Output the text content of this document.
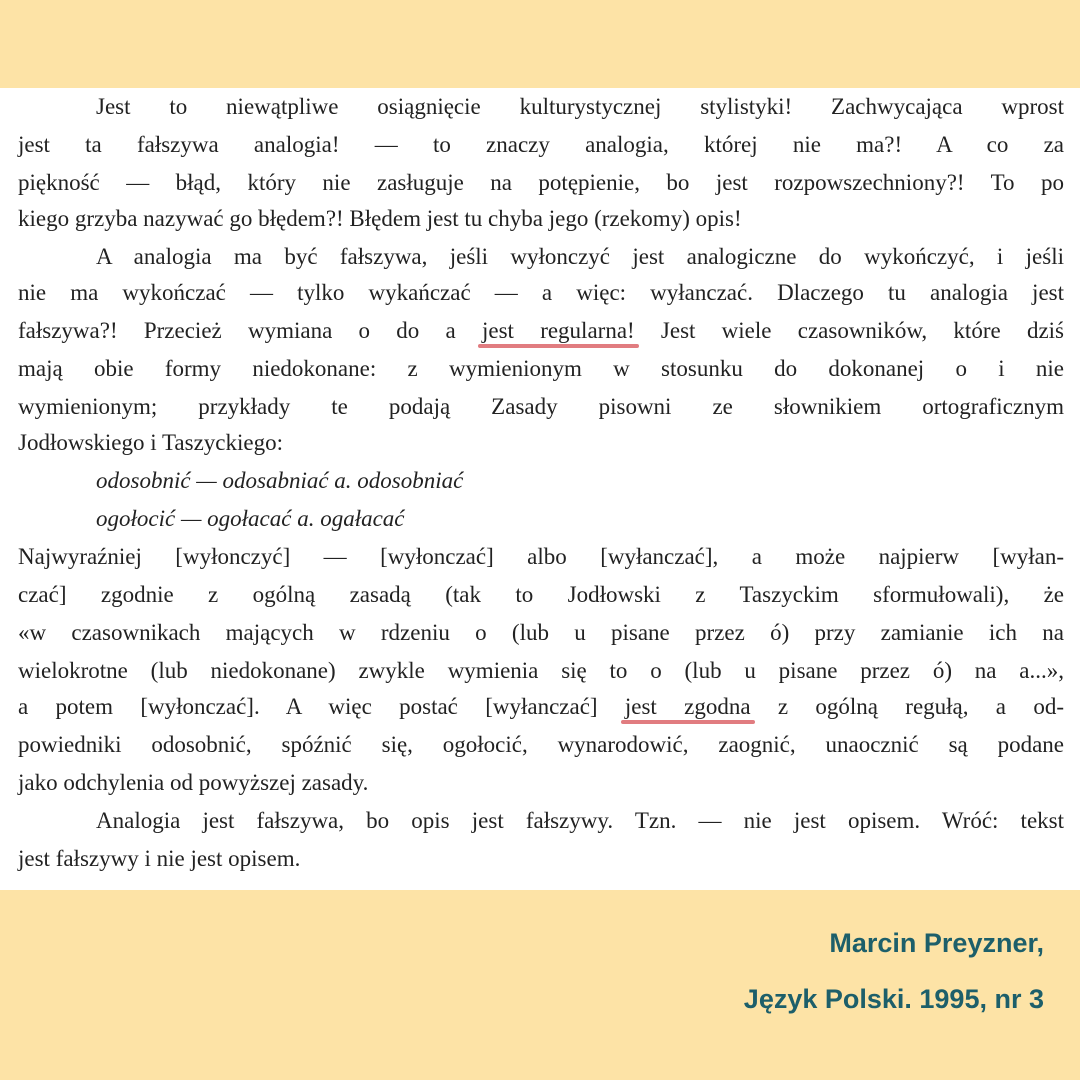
Jest to niewątpliwe osiągnięcie kulturystycznej stylistyki! Zachwycająca wprost
jest ta fałszywa analogia! — to znaczy analogia, której nie ma?! A co za
piękność — błąd, który nie zasługuje na potępienie, bo jest rozpowszechniony?! To po
kiego grzyba nazywać go błędem?! Błędem jest tu chyba jego (rzekomy) opis!
A analogia ma być fałszywa, jeśli wyłonczyć jest analogiczne do wykończyć, i jeśli
nie ma wykończać — tylko wykańczać — a więc: wyłanczać. Dlaczego tu analogia jest
fałszywa?! Przecież wymiana o do a jest regularna! Jest wiele czasowników, które dziś
mają obie formy niedokonane: z wymienionym w stosunku do dokonanej o i nie
wymienionym; przykłady te podają Zasady pisowni ze słownikiem ortograficznym
Jodłowskiego i Taszyckiego:
odosobnić — odosabniać a. odosobniać
ogołocić — ogołacać a. ogałacać
Najwyraźniej [wyłonczyć] — [wyłonczać] albo [wyłanczać], a może najpierw [wyłan-
czać] zgodnie z ogólną zasadą (tak to Jodłowski z Taszyckim sformułowali), że
«w czasownikach mających w rdzeniu o (lub u pisane przez ó) przy zamianie ich na
wielokrotne (lub niedokonane) zwykle wymienia się to o (lub u pisane przez ó) na a...»,
a potem [wyłonczać]. A więc postać [wyłanczać] jest zgodna z ogólną regułą, a od-
powiedniki odosobnić, spóźnić się, ogołocić, wynarodowić, zaognić, unaocznić są podane
jako odchylenia od powyższej zasady.
Analogia jest fałszywa, bo opis jest fałszywy. Tzn. — nie jest opisem. Wróć: tekst
jest fałszywy i nie jest opisem.
Marcin Preyzner,
Język Polski. 1995, nr 3
